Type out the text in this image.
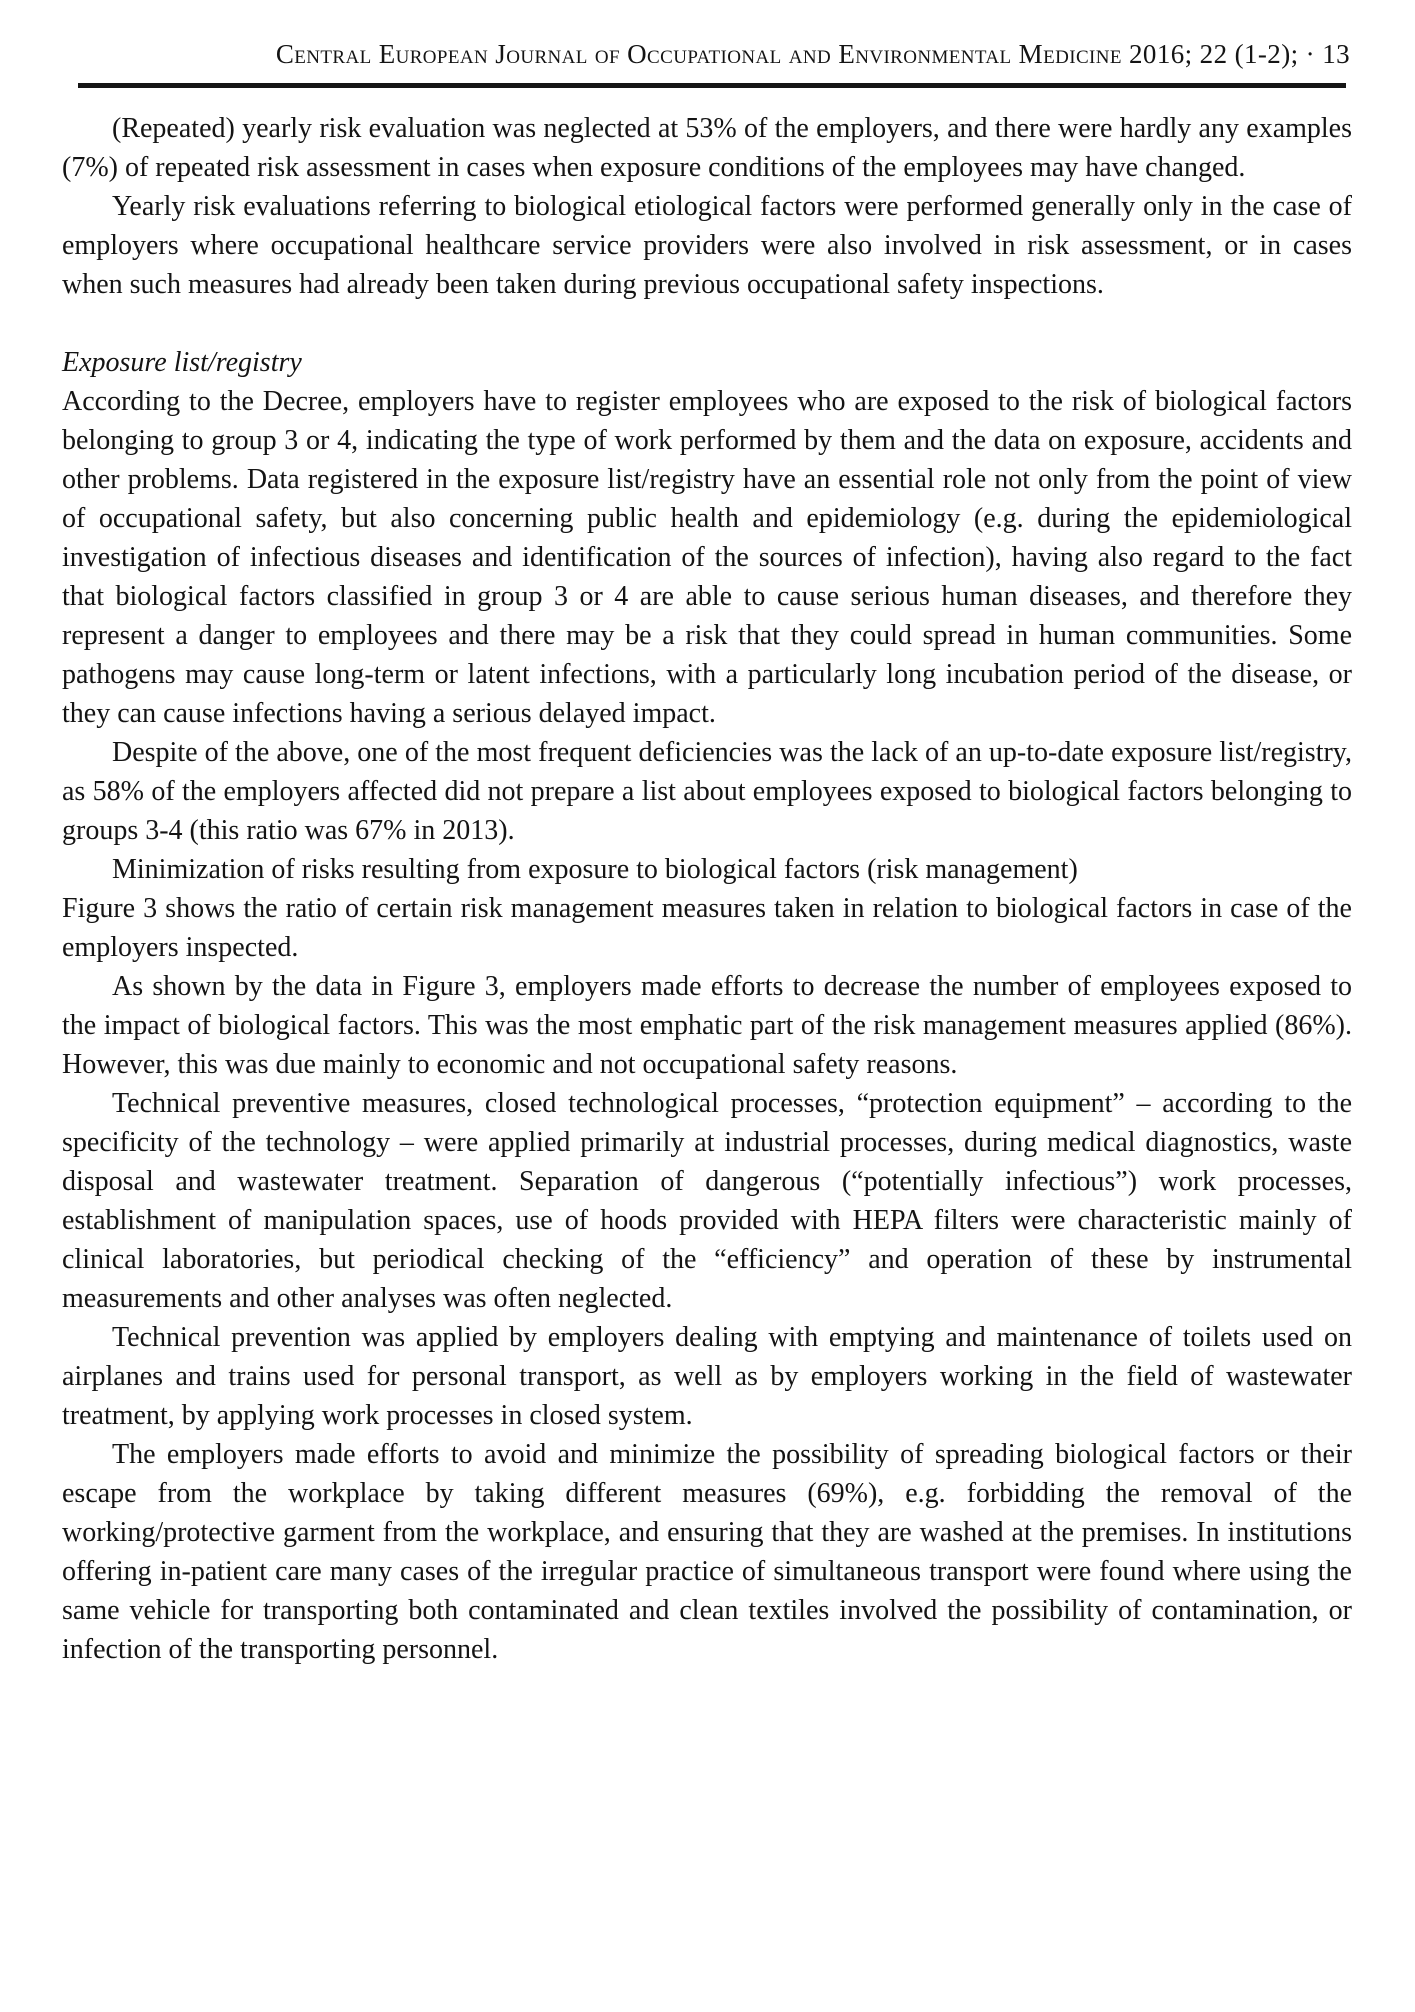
Central European Journal of Occupational and Environmental Medicine 2016; 22 (1-2); · 13

(Repeated) yearly risk evaluation was neglected at 53% of the employers, and there were hardly any examples (7%) of repeated risk assessment in cases when exposure conditions of the employees may have changed.

Yearly risk evaluations referring to biological etiological factors were performed generally only in the case of employers where occupational healthcare service providers were also involved in risk assessment, or in cases when such measures had already been taken during previous occupational safety inspections.

Exposure list/registry

According to the Decree, employers have to register employees who are exposed to the risk of biological factors belonging to group 3 or 4, indicating the type of work performed by them and the data on exposure, accidents and other problems. Data registered in the exposure list/registry have an essential role not only from the point of view of occupational safety, but also concerning public health and epidemiology (e.g. during the epidemiological investigation of infectious diseases and identification of the sources of infection), having also regard to the fact that biological factors classified in group 3 or 4 are able to cause serious human diseases, and therefore they represent a danger to employees and there may be a risk that they could spread in human communities. Some pathogens may cause long-term or latent infections, with a particularly long incubation period of the disease, or they can cause infections having a serious delayed impact.

Despite of the above, one of the most frequent deficiencies was the lack of an up-to-date exposure list/registry, as 58% of the employers affected did not prepare a list about employees exposed to biological factors belonging to groups 3-4 (this ratio was 67% in 2013).

Minimization of risks resulting from exposure to biological factors (risk management)

Figure 3 shows the ratio of certain risk management measures taken in relation to biological factors in case of the employers inspected.

As shown by the data in Figure 3, employers made efforts to decrease the number of employees exposed to the impact of biological factors. This was the most emphatic part of the risk management measures applied (86%). However, this was due mainly to economic and not occupational safety reasons.

Technical preventive measures, closed technological processes, “protection equipment” – according to the specificity of the technology – were applied primarily at industrial processes, during medical diagnostics, waste disposal and wastewater treatment. Separation of dangerous (“potentially infectious”) work processes, establishment of manipulation spaces, use of hoods provided with HEPA filters were characteristic mainly of clinical laboratories, but periodical checking of the “efficiency” and operation of these by instrumental measurements and other analyses was often neglected.

Technical prevention was applied by employers dealing with emptying and maintenance of toilets used on airplanes and trains used for personal transport, as well as by employers working in the field of wastewater treatment, by applying work processes in closed system.

The employers made efforts to avoid and minimize the possibility of spreading biological factors or their escape from the workplace by taking different measures (69%), e.g. forbidding the removal of the working/protective garment from the workplace, and ensuring that they are washed at the premises. In institutions offering in-patient care many cases of the irregular practice of simultaneous transport were found where using the same vehicle for transporting both contaminated and clean textiles involved the possibility of contamination, or infection of the transporting personnel.
